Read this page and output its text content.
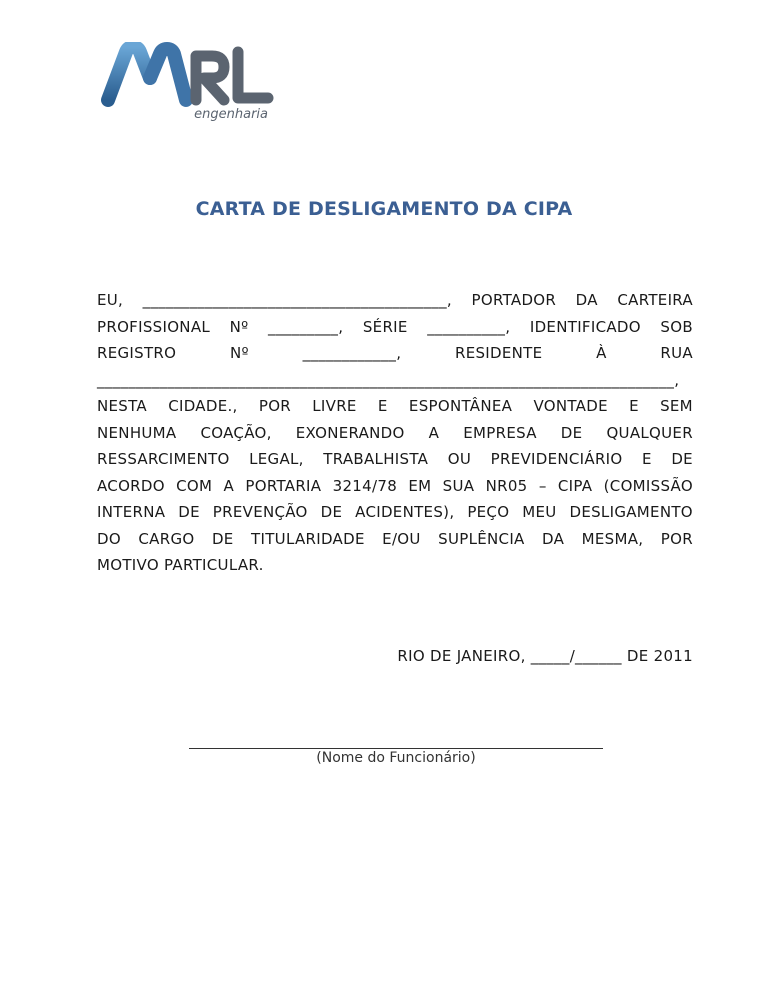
engenharia
CARTA DE DESLIGAMENTO DA CIPA
EU, _______________________________________, PORTADOR DA CARTEIRA
PROFISSIONAL Nº _________, SÉRIE __________, IDENTIFICADO SOB
REGISTRO	Nº	____________,	RESIDENTE	À	RUA
__________________________________________________________________________,
NESTA CIDADE., POR LIVRE E ESPONTÂNEA VONTADE E SEM
NENHUMA COAÇÃO, EXONERANDO A EMPRESA DE QUALQUER
RESSARCIMENTO LEGAL, TRABALHISTA OU PREVIDENCIÁRIO E DE
ACORDO COM A PORTARIA 3214/78 EM SUA NR05 – CIPA (COMISSÃO
INTERNA DE PREVENÇÃO DE ACIDENTES), PEÇO MEU DESLIGAMENTO
DO CARGO DE TITULARIDADE E/OU SUPLÊNCIA DA MESMA, POR
MOTIVO PARTICULAR.
RIO DE JANEIRO, _____/______ DE 2011
(Nome do Funcionário)
